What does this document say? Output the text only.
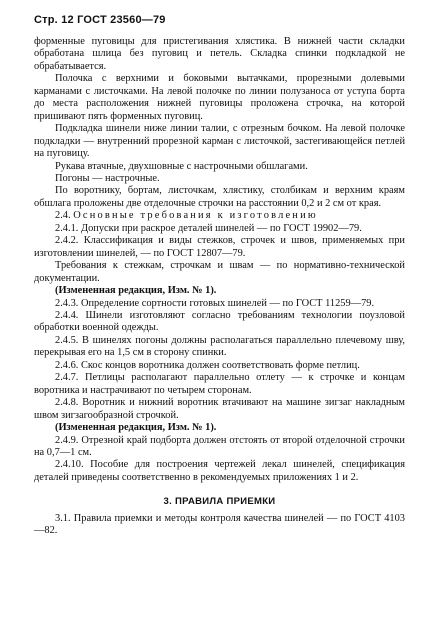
Стр. 12 ГОСТ 23560—79

форменные пуговицы для пристегивания хлястика. В нижней части складки обработана шлица без пуговиц и петель. Складка спинки подкладкой не обрабатывается.

Полочка с верхними и боковыми вытачками, прорезными долевыми карманами с листочками. На левой полочке по линии полузаноса от уступа борта до места расположения нижней пуговицы проложена строчка, на которой пришивают пять форменных пуговиц.

Подкладка шинели ниже линии талии, с отрезным бочком. На левой полочке подкладки — внутренний прорезной карман с листочкой, застегивающейся петлей на пуговицу.

Рукава втачные, двухшовные с настрочными обшлагами.

Погоны — настрочные.

По воротнику, бортам, листочкам, хлястику, столбикам и верхним краям обшлага проложены две отделочные строчки на расстоянии 0,2 и 2 см от края.

2.4. Основные требования к изготовлению

2.4.1. Допуски при раскрое деталей шинелей — по ГОСТ 19902—79.

2.4.2. Классификация и виды стежков, строчек и швов, применяемых при изготовлении шинелей, — по ГОСТ 12807—79.

Требования к стежкам, строчкам и швам — по нормативно-технической документации.

(Измененная редакция, Изм. № 1).

2.4.3. Определение сортности готовых шинелей — по ГОСТ 11259—79.

2.4.4. Шинели изготовляют согласно требованиям технологии поузловой обработки военной одежды.

2.4.5. В шинелях погоны должны располагаться параллельно плечевому шву, перекрывая его на 1,5 см в сторону спинки.

2.4.6. Скос концов воротника должен соответствовать форме петлиц.

2.4.7. Петлицы располагают параллельно отлету — к строчке и концам воротника и настрачивают по четырем сторонам.

2.4.8. Воротник и нижний воротник втачивают на машине зигзаг накладным швом зигзагообразной строчкой.

(Измененная редакция, Изм. № 1).

2.4.9. Отрезной край подборта должен отстоять от второй отделочной строчки на 0,7—1 см.

2.4.10. Пособие для построения чертежей лекал шинелей, спецификация деталей приведены соответственно в рекомендуемых приложениях 1 и 2.

3. ПРАВИЛА ПРИЕМКИ

3.1. Правила приемки и методы контроля качества шинелей — по ГОСТ 4103—82.
